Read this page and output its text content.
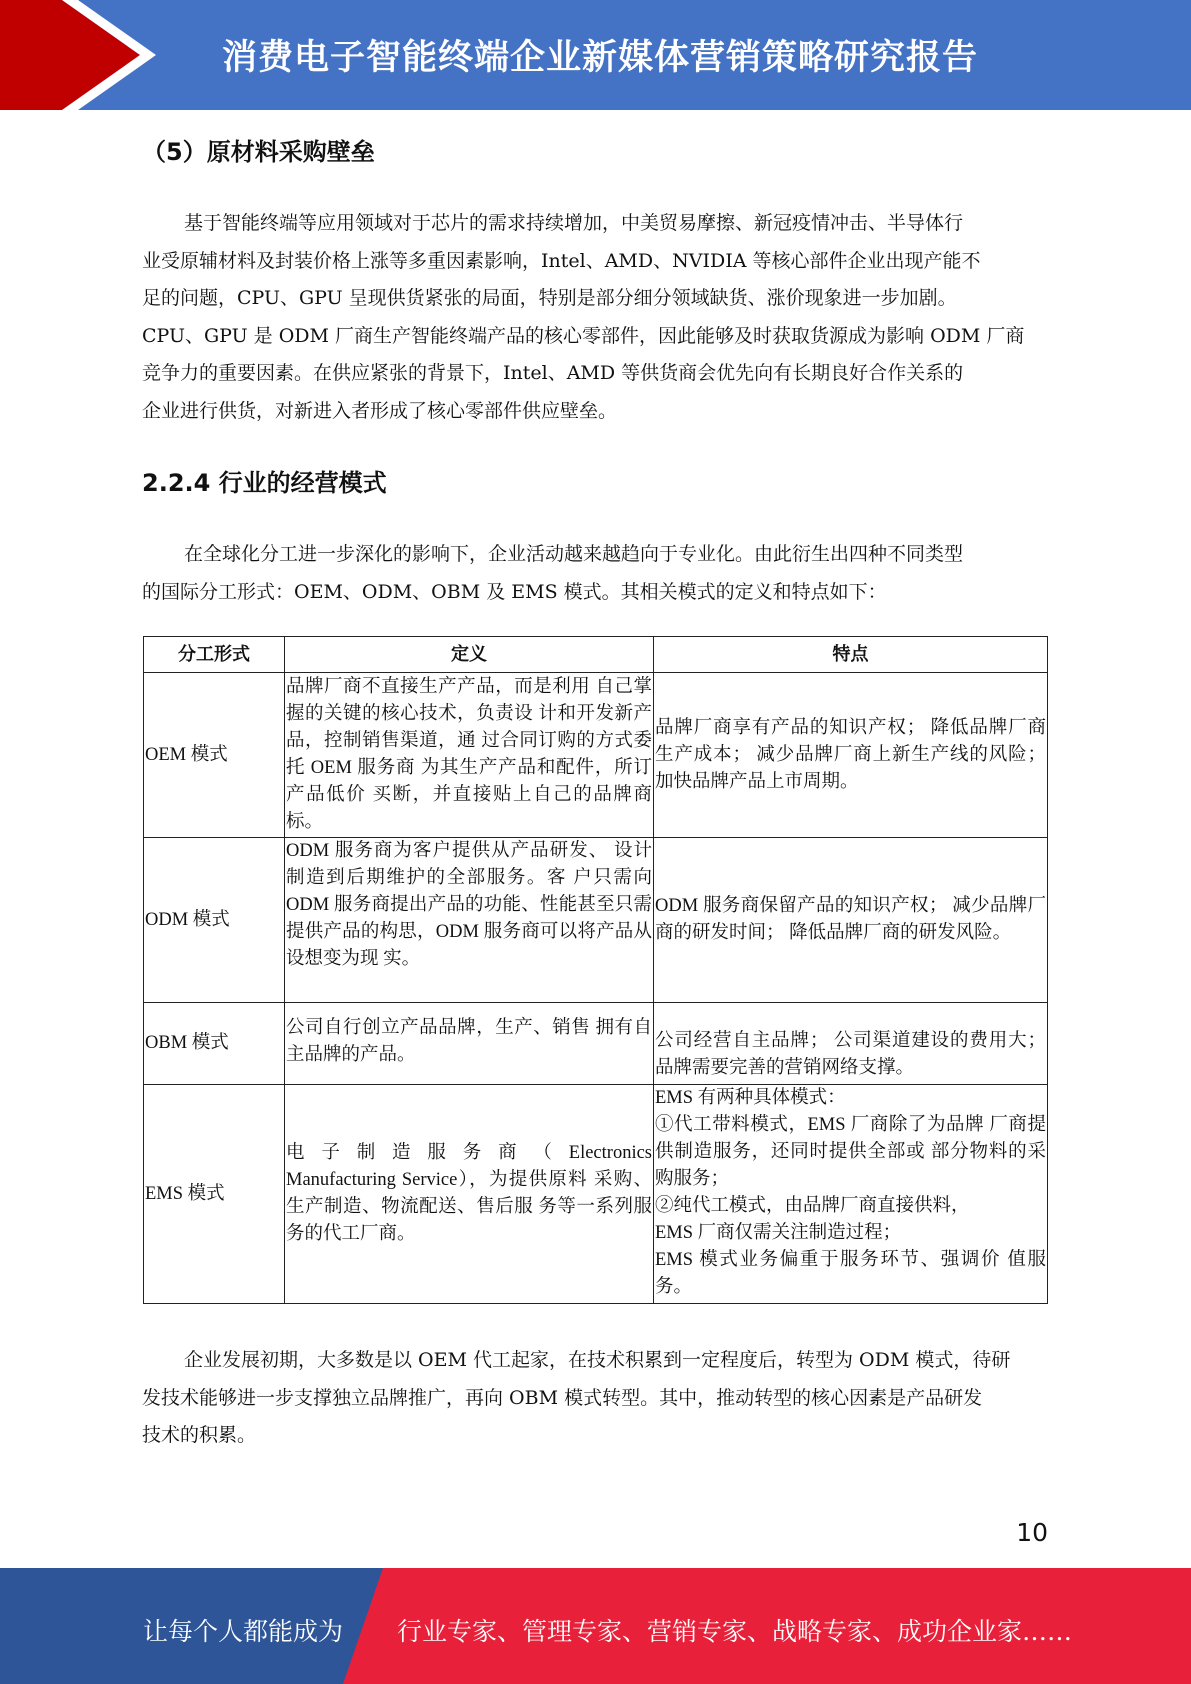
消费电子智能终端企业新媒体营销策略研究报告
（5）原材料采购壁垒
基于智能终端等应用领域对于芯片的需求持续增加，中美贸易摩擦、新冠疫情冲击、半导体行
业受原辅材料及封装价格上涨等多重因素影响，Intel、AMD、NVIDIA 等核心部件企业出现产能不
足的问题，CPU、GPU 呈现供货紧张的局面，特别是部分细分领域缺货、涨价现象进一步加剧。
CPU、GPU 是 ODM 厂商生产智能终端产品的核心零部件，因此能够及时获取货源成为影响 ODM 厂商
竞争力的重要因素。在供应紧张的背景下，Intel、AMD 等供货商会优先向有长期良好合作关系的
企业进行供货，对新进入者形成了核心零部件供应壁垒。
2.2.4 行业的经营模式
在全球化分工进一步深化的影响下，企业活动越来越趋向于专业化。由此衍生出四种不同类型
的国际分工形式：OEM、ODM、OBM 及 EMS 模式。其相关模式的定义和特点如下：
分工形式	定义	特点
OEM 模式	品牌厂商不直接生产产品，而是利用 自己掌握的关键的核心技术，负责设 计和开发新产品，控制销售渠道，通 过合同订购的方式委托 OEM 服务商 为其生产产品和配件，所订产品低价 买断，并直接贴上自己的品牌商标。	品牌厂商享有产品的知识产权； 降低品牌厂商生产成本； 减少品牌厂商上新生产线的风险； 加快品牌产品上市周期。
ODM 模式	ODM 服务商为客户提供从产品研发、 设计制造到后期维护的全部服务。客 户只需向 ODM 服务商提出产品的功能、性能甚至只需提供产品的构思，ODM 服务商可以将产品从设想变为现 实。	ODM 服务商保留产品的知识产权； 减少品牌厂商的研发时间； 降低品牌厂商的研发风险。
OBM 模式	公司自行创立产品品牌，生产、销售 拥有自主品牌的产品。	公司经营自主品牌； 公司渠道建设的费用大； 品牌需要完善的营销网络支撑。
EMS 模式	电 子 制 造 服 务 商 （ Electronics Manufacturing Service），为提供原料 采购、生产制造、物流配送、售后服 务等一系列服务的代工厂商。	EMS 有两种具体模式：
①代工带料模式，EMS 厂商除了为品牌 厂商提供制造服务，还同时提供全部或 部分物料的采购服务；
②纯代工模式，由品牌厂商直接供料，
EMS 厂商仅需关注制造过程；
EMS 模式业务偏重于服务环节、强调价 值服务。
企业发展初期，大多数是以 OEM 代工起家，在技术积累到一定程度后，转型为 ODM 模式，待研
发技术能够进一步支撑独立品牌推广，再向 OBM 模式转型。其中，推动转型的核心因素是产品研发
技术的积累。
10
让每个人都能成为 行业专家、管理专家、营销专家、战略专家、成功企业家……
